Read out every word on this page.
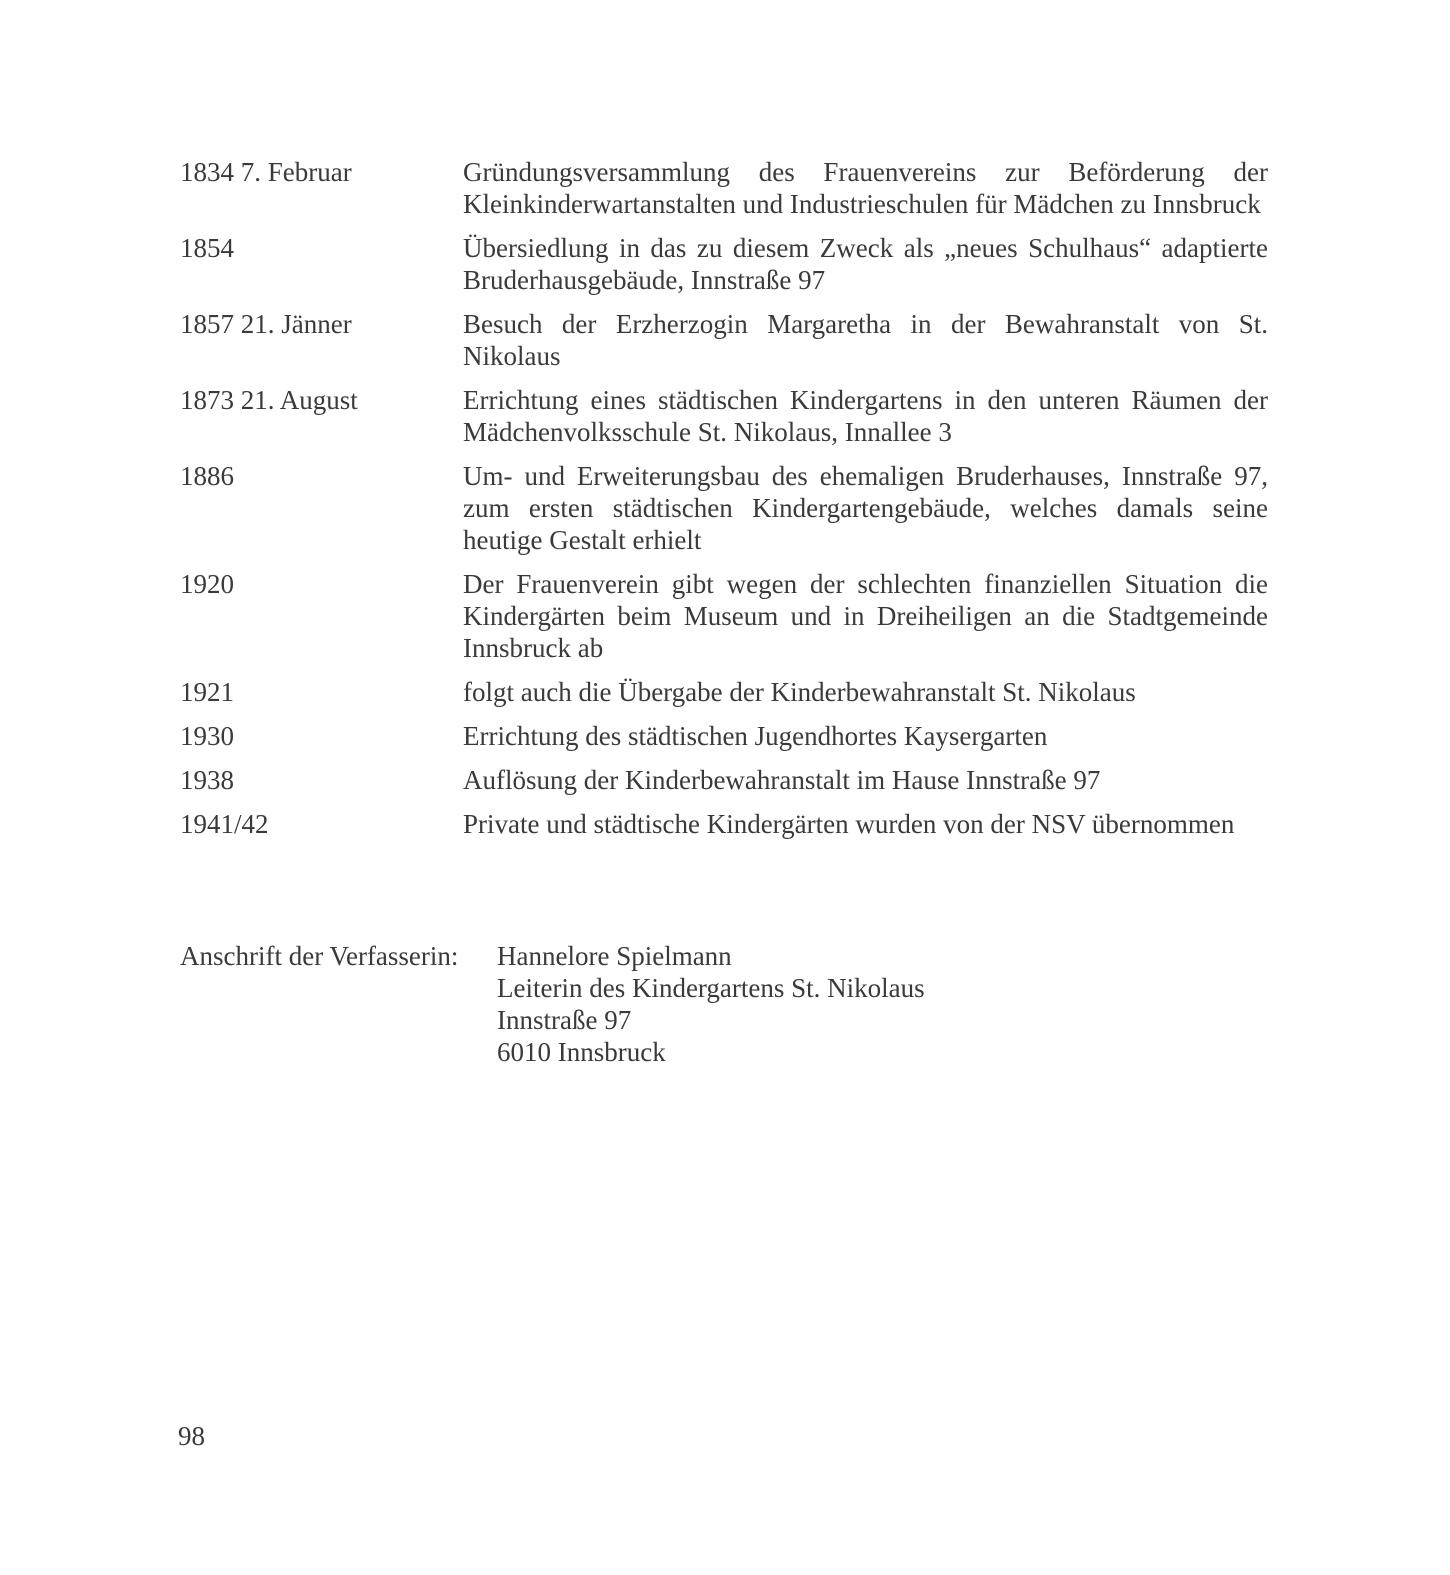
1834 7. Februar	Gründungsversammlung des Frauenvereins zur Beförderung der Kleinkinderwartanstalten und Industrieschulen für Mädchen zu Innsbruck
1854	Übersiedlung in das zu diesem Zweck als „neues Schulhaus“ adaptierte Bruderhausgebäude, Innstraße 97
1857 21. Jänner	Besuch der Erzherzogin Margaretha in der Bewahranstalt von St. Nikolaus
1873 21. August	Errichtung eines städtischen Kindergartens in den unteren Räumen der Mädchenvolksschule St. Nikolaus, Innallee 3
1886	Um- und Erweiterungsbau des ehemaligen Bruderhauses, Innstraße 97, zum ersten städtischen Kindergartengebäude, welches damals seine heutige Gestalt erhielt
1920	Der Frauenverein gibt wegen der schlechten finanziellen Situation die Kindergärten beim Museum und in Dreiheiligen an die Stadtgemeinde Innsbruck ab
1921	folgt auch die Übergabe der Kinderbewahranstalt St. Nikolaus
1930	Errichtung des städtischen Jugendhortes Kaysergarten
1938	Auflösung der Kinderbewahranstalt im Hause Innstraße 97
1941/42	Private und städtische Kindergärten wurden von der NSV übernommen
Anschrift der Verfasserin:	Hannelore Spielmann
Leiterin des Kindergartens St. Nikolaus
Innstraße 97
6010 Innsbruck
98
